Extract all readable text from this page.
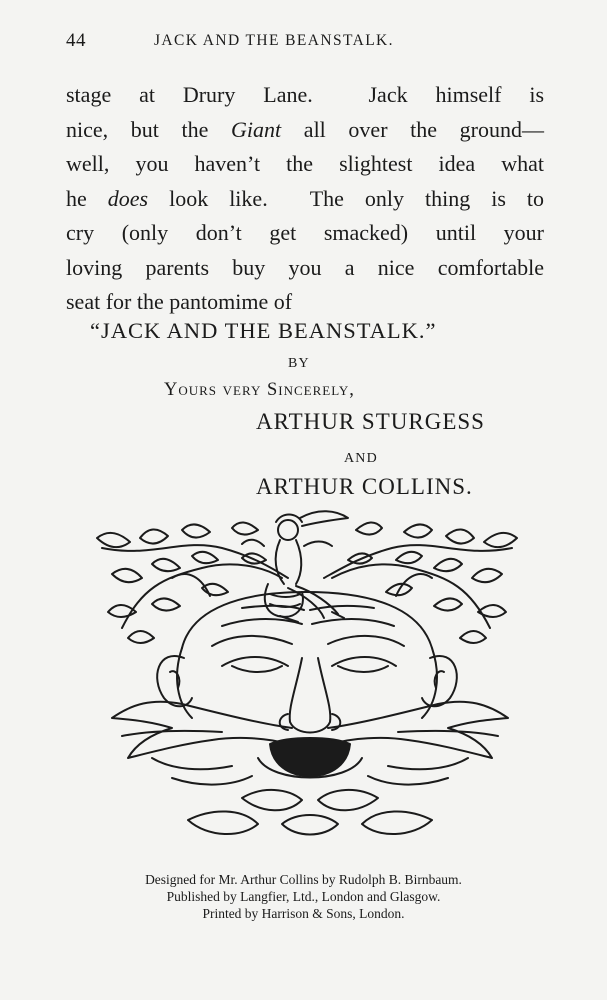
44	JACK AND THE BEANSTALK.
stage at Drury Lane.	Jack himself is
nice, but the Giant all over the ground—
well, you haven’t the slightest idea what
he does look like. The only thing is to
cry (only don’t get smacked) until your
loving parents buy you a nice comfortable
seat for the pantomime of
“JACK AND THE BEANSTALK.”
BY
Yours very Sincerely,
ARTHUR STURGESS
AND
ARTHUR COLLINS.
Designed for Mr. Arthur Collins by Rudolph B. Birnbaum.
Published by Langfier, Ltd., London and Glasgow.
Printed by Harrison & Sons, London.
